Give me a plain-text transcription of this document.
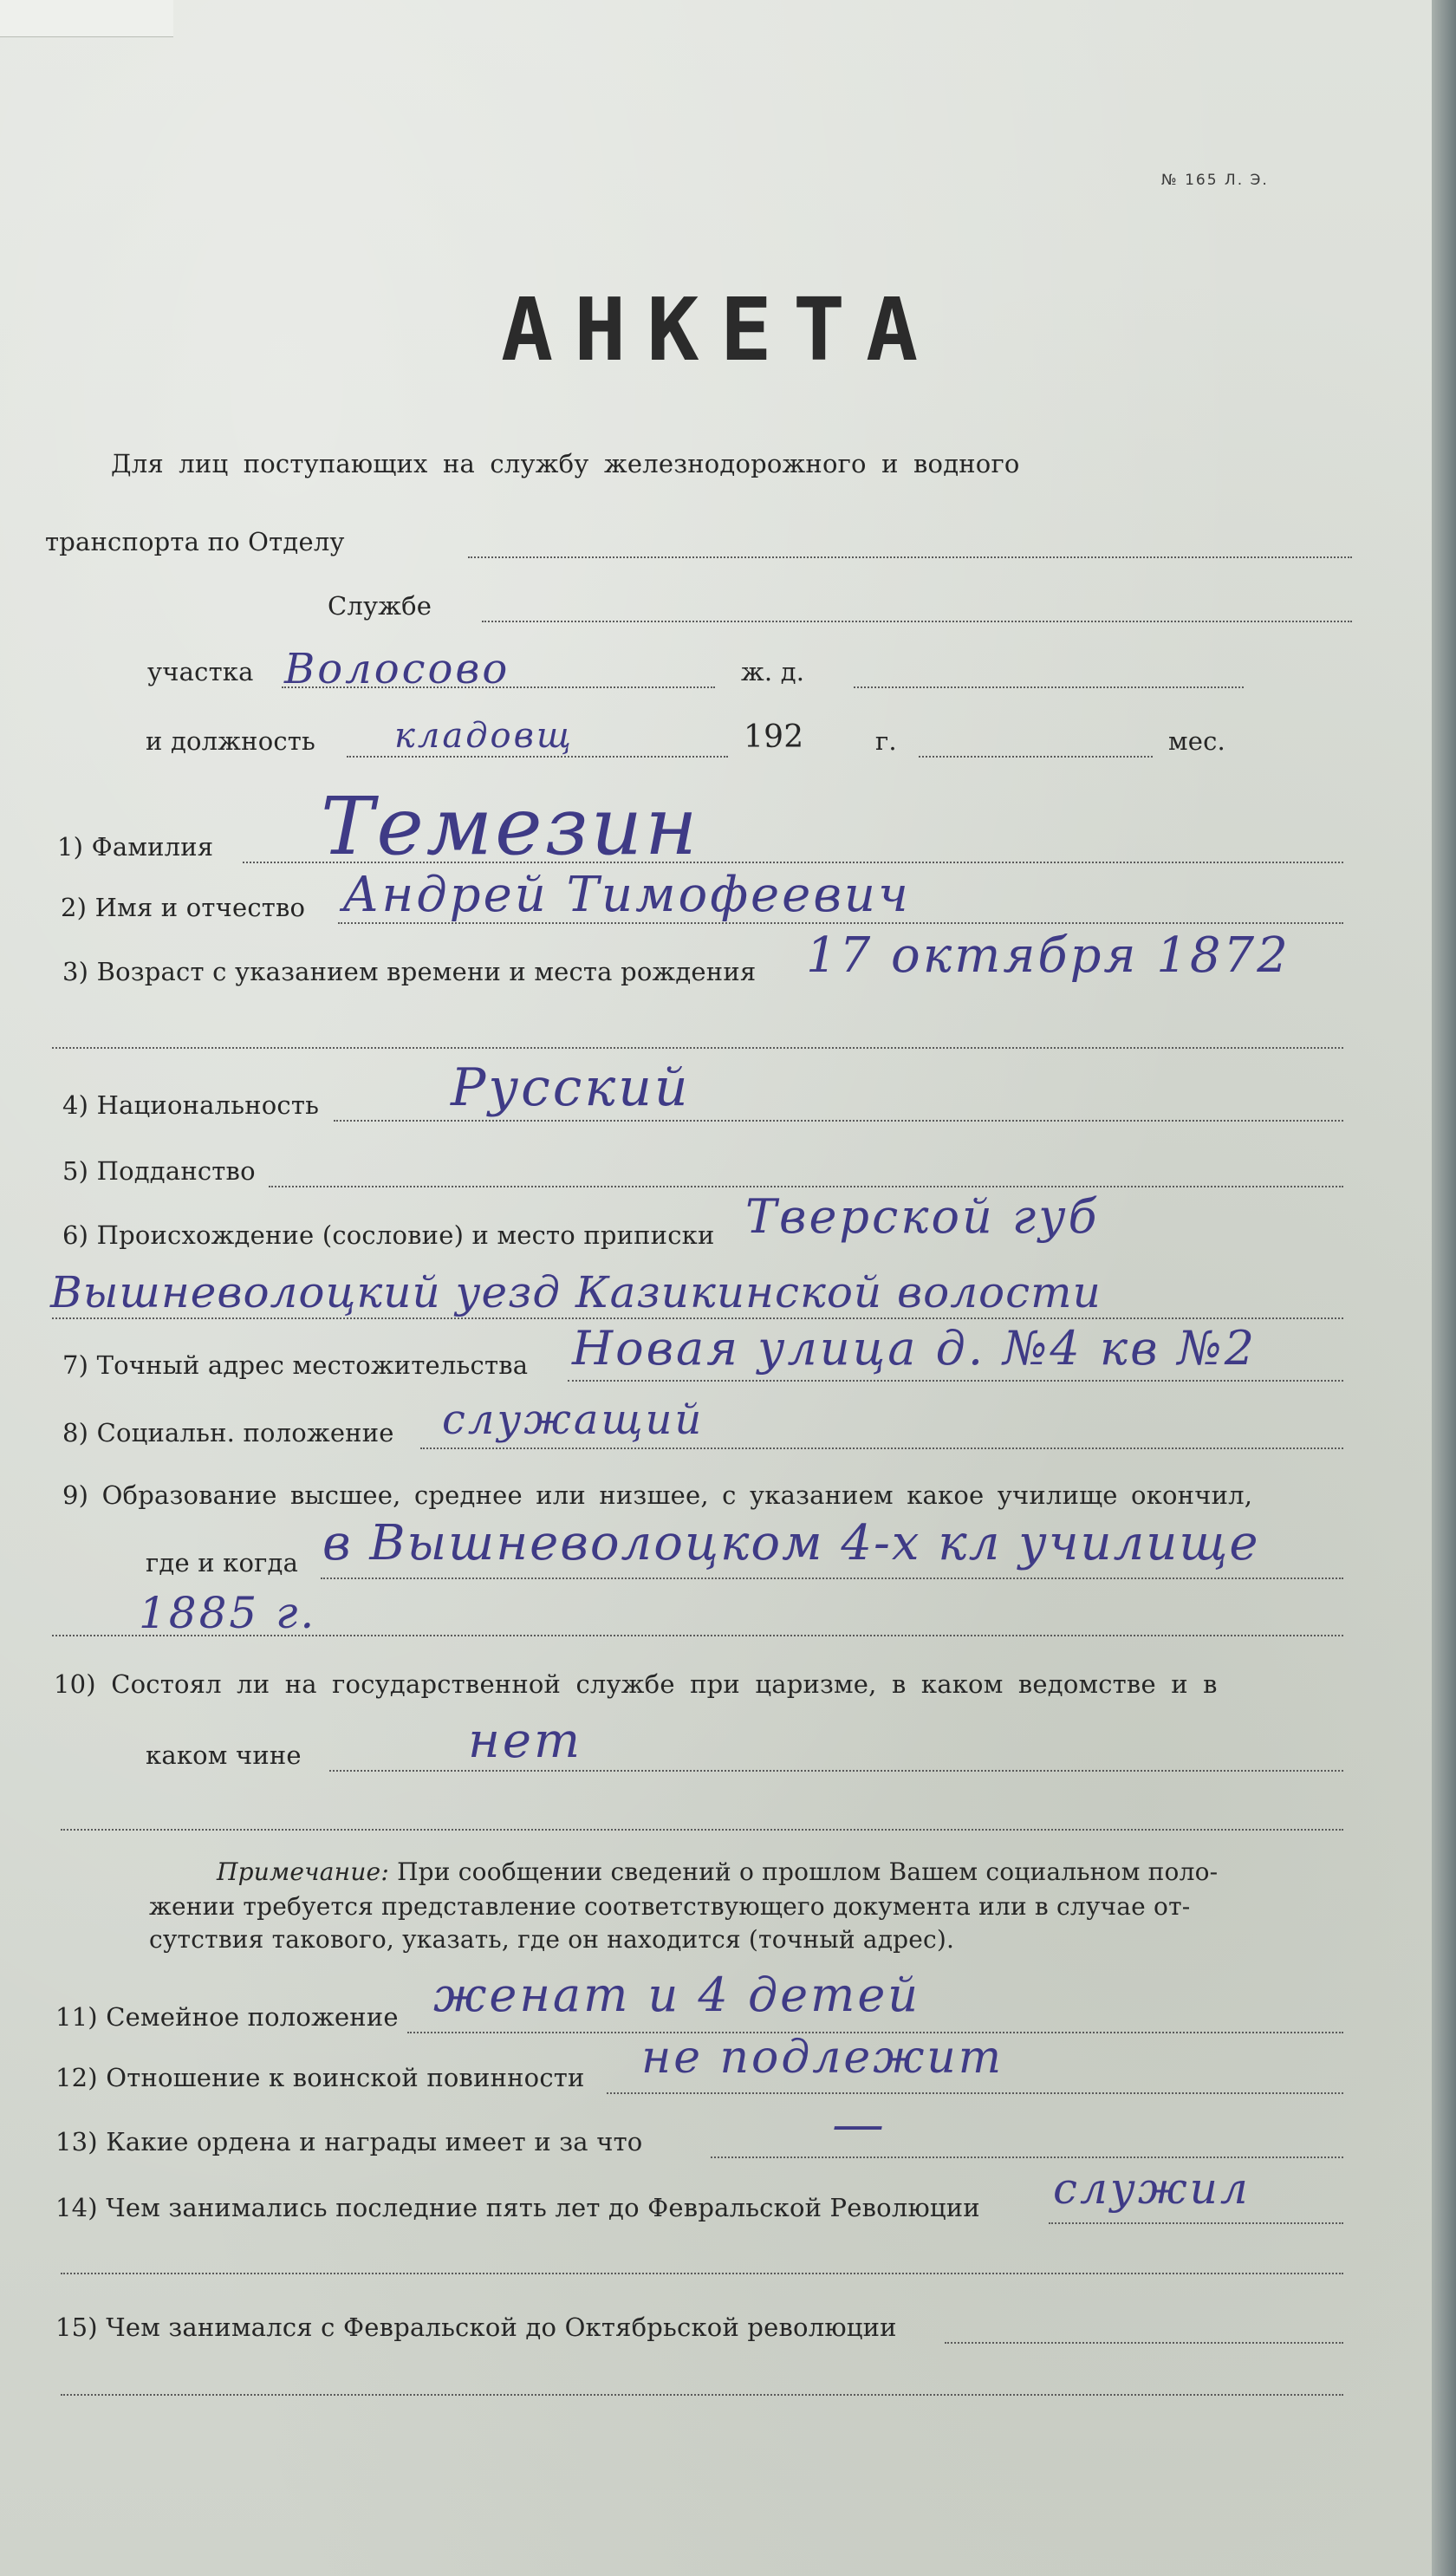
№ 165 Л. Э.
АНКЕТА
Для лиц поступающих на службу железнодорожного и водного
транспорта по Отделу
Службе
участка Волосово	ж. д.
и должность кладовщ	192	г.	мес.
1) Фамилия Темезин
2) Имя и отчество Андрей Тимофеевич
3) Возраст с указанием времени и места рождения 17 октября 1872
4) Национальность	Русский
5) Подданство
6) Происхождение (сословие) и место приписки Тверской губ
Вышневолоцкий уезд Казикинской волости
7) Точный адрес местожительства Новая улица д. №4 кв №2
8) Социальн. положение служащий
9) Образование высшее, среднее или низшее, с указанием какое училище окончил,
где и когда в Вышневолоцком 4-х кл училище
1885 г.
10) Состоял ли на государственной службе при царизме, в каком ведомстве и в
каком чине	нет
Примечание: При сообщении сведений о прошлом Вашем социальном поло-
жении требуется представление соответствующего документа или в случае от-
сутствия такового, указать, где он находится (точный адрес).
11) Семейное положение женат и 4 детей
12) Отношение к воинской повинности не подлежит
13) Какие ордена и награды имеет и за что	—
14) Чем занимались последние пять лет до Февральской Революции служил
15) Чем занимался с Февральской до Октябрьской революции
